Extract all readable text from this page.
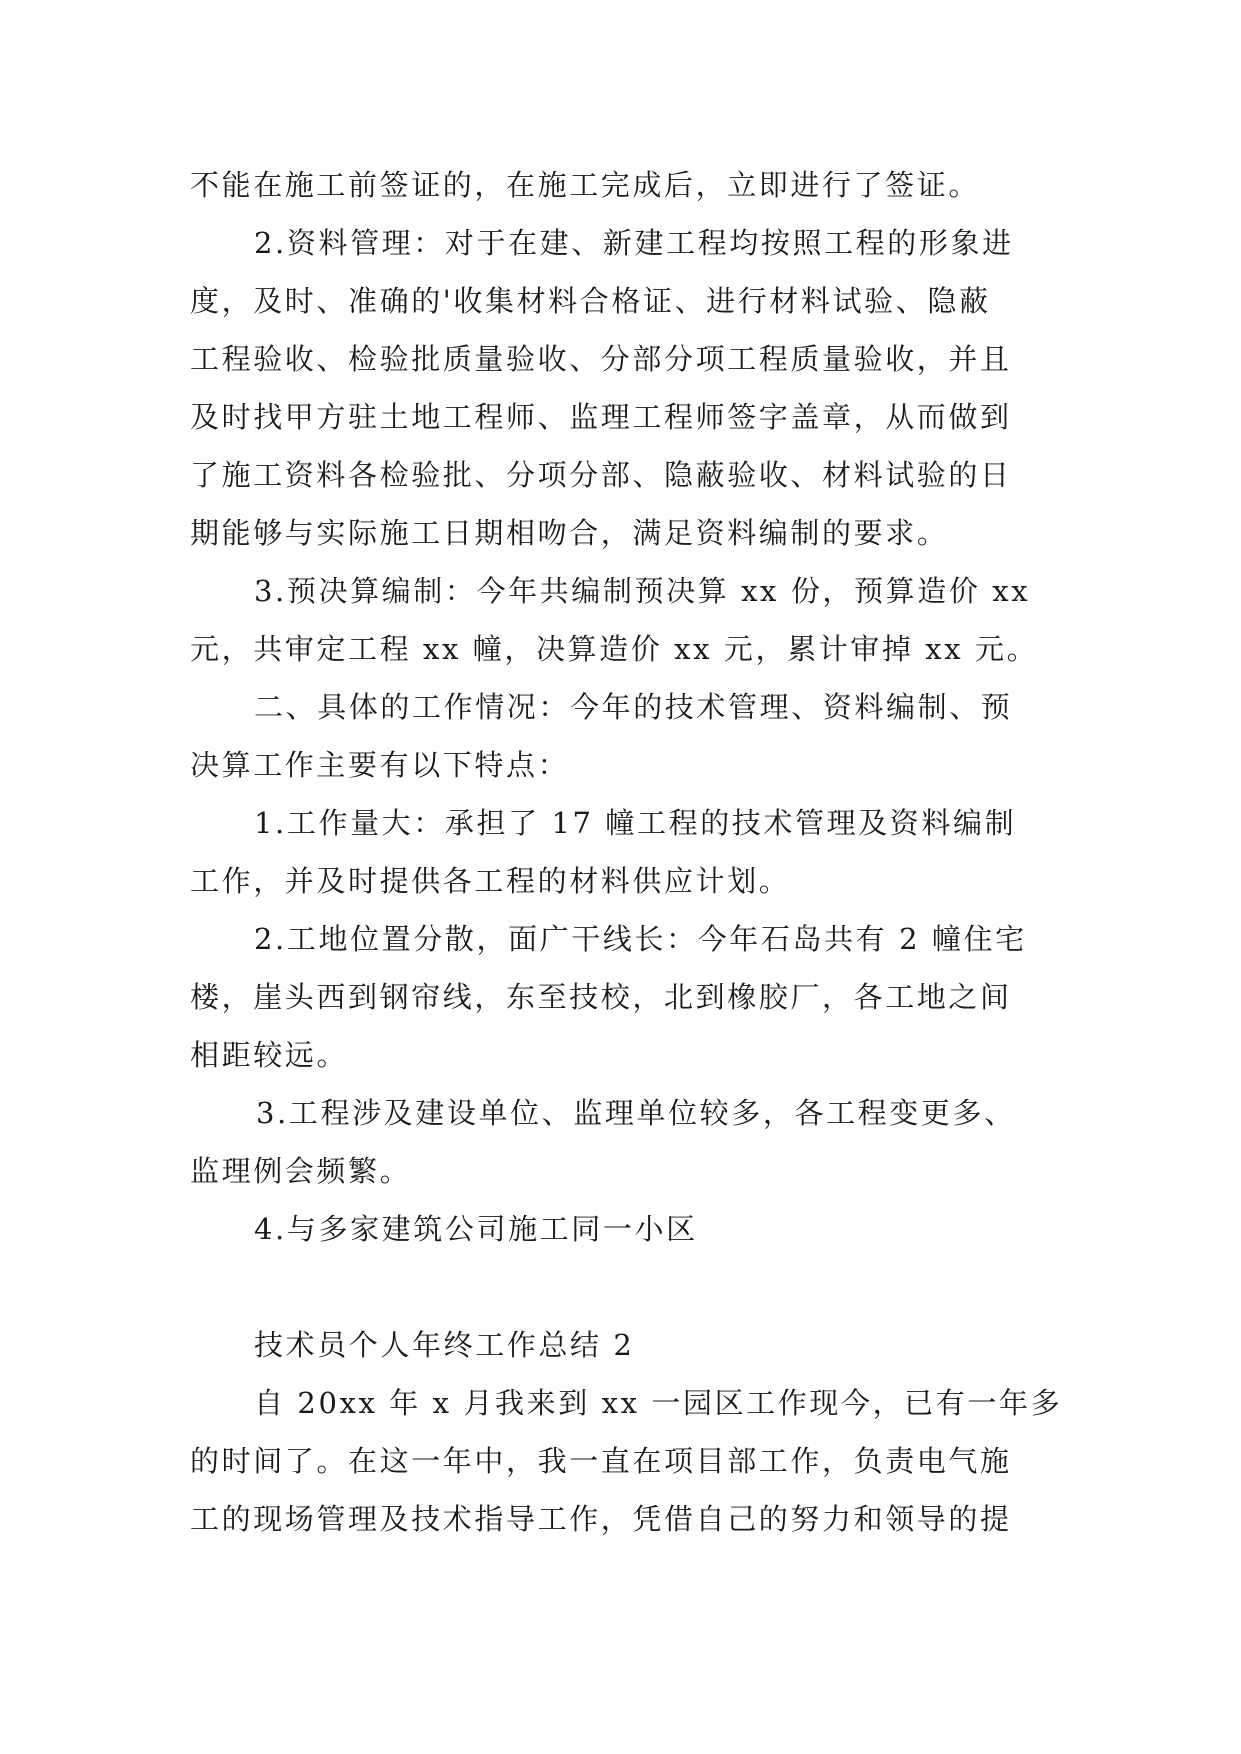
不能在施工前签证的，在施工完成后，立即进行了签证。
2.资料管理：对于在建、新建工程均按照工程的形象进
度，及时、准确的'收集材料合格证、进行材料试验、隐蔽
工程验收、检验批质量验收、分部分项工程质量验收，并且
及时找甲方驻土地工程师、监理工程师签字盖章，从而做到
了施工资料各检验批、分项分部、隐蔽验收、材料试验的日
期能够与实际施工日期相吻合，满足资料编制的要求。
3.预决算编制：今年共编制预决算 xx 份，预算造价 xx
元，共审定工程 xx 幢，决算造价 xx 元，累计审掉 xx 元。
二、具体的工作情况：今年的技术管理、资料编制、预
决算工作主要有以下特点：
1.工作量大：承担了 17 幢工程的技术管理及资料编制
工作，并及时提供各工程的材料供应计划。
2.工地位置分散，面广干线长：今年石岛共有 2 幢住宅
楼，崖头西到钢帘线，东至技校，北到橡胶厂，各工地之间
相距较远。
3.工程涉及建设单位、监理单位较多，各工程变更多、
监理例会频繁。
4.与多家建筑公司施工同一小区
技术员个人年终工作总结 2
自 20xx 年 x 月我来到 xx 一园区工作现今，已有一年多
的时间了。在这一年中，我一直在项目部工作，负责电气施
工的现场管理及技术指导工作，凭借自己的努力和领导的提
